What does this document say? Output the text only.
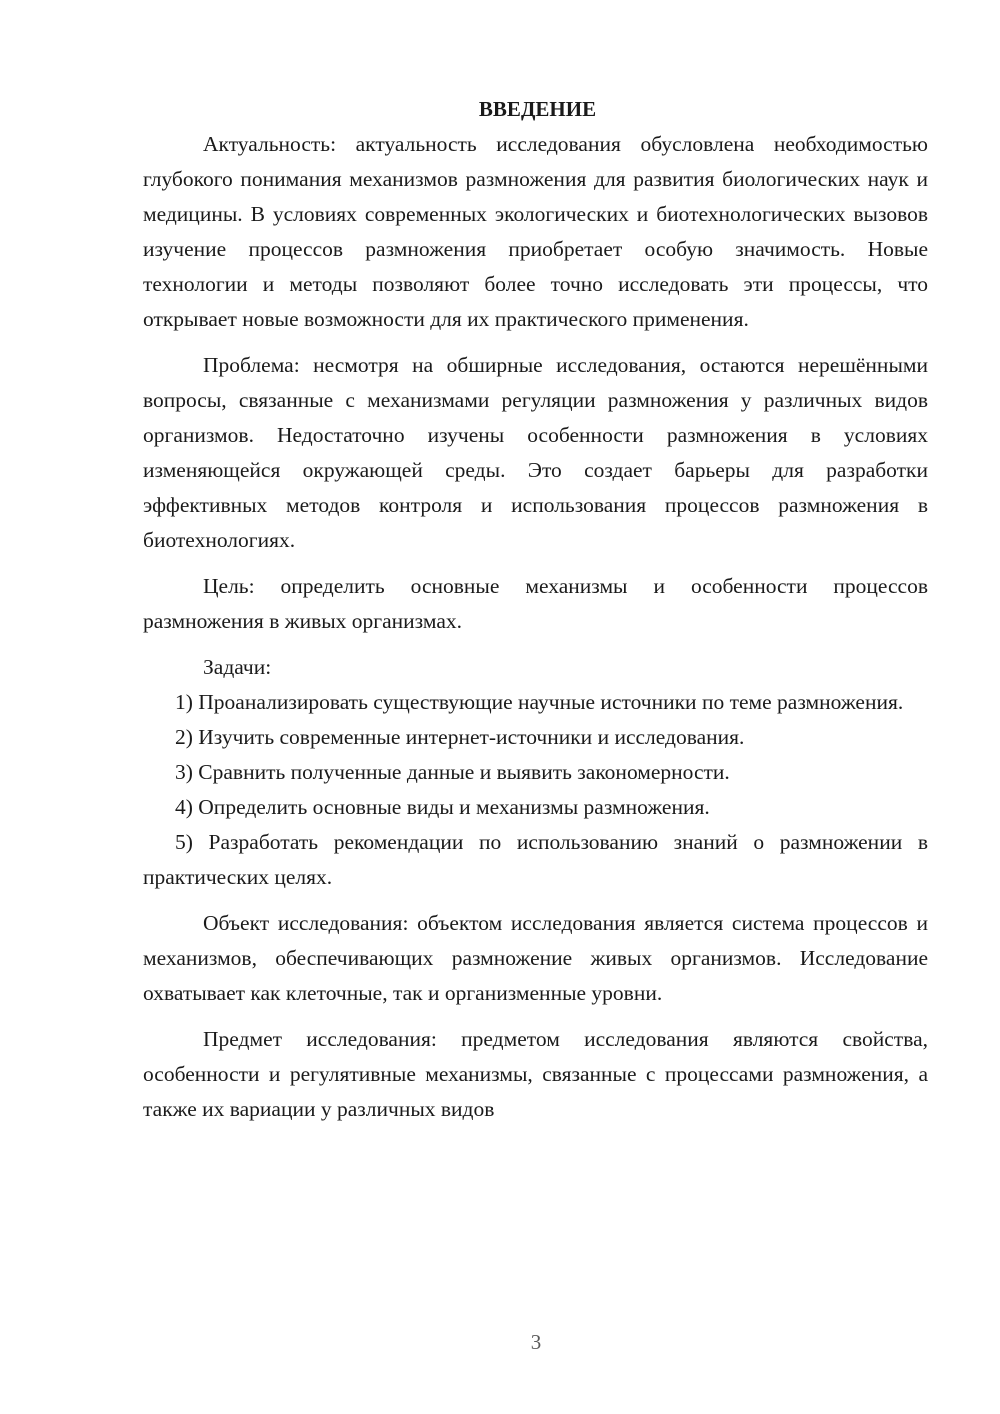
ВВЕДЕНИЕ

Актуальность: актуальность исследования обусловлена необходимостью глубокого понимания механизмов размножения для развития биологических наук и медицины. В условиях современных экологических и биотехнологических вызовов изучение процессов размножения приобретает особую значимость. Новые технологии и методы позволяют более точно исследовать эти процессы, что открывает новые возможности для их практического применения.

Проблема: несмотря на обширные исследования, остаются нерешёнными вопросы, связанные с механизмами регуляции размножения у различных видов организмов. Недостаточно изучены особенности размножения в условиях изменяющейся окружающей среды. Это создает барьеры для разработки эффективных методов контроля и использования процессов размножения в биотехнологиях.

Цель: определить основные механизмы и особенности процессов размножения в живых организмах.

Задачи:

1) Проанализировать существующие научные источники по теме размножения.

2) Изучить современные интернет-источники и исследования.

3) Сравнить полученные данные и выявить закономерности.

4) Определить основные виды и механизмы размножения.

5) Разработать рекомендации по использованию знаний о размножении в практических целях.

Объект исследования: объектом исследования является система процессов и механизмов, обеспечивающих размножение живых организмов. Исследование охватывает как клеточные, так и организменные уровни.

Предмет исследования: предметом исследования являются свойства, особенности и регулятивные механизмы, связанные с процессами размножения, а также их вариации у различных видов

3
